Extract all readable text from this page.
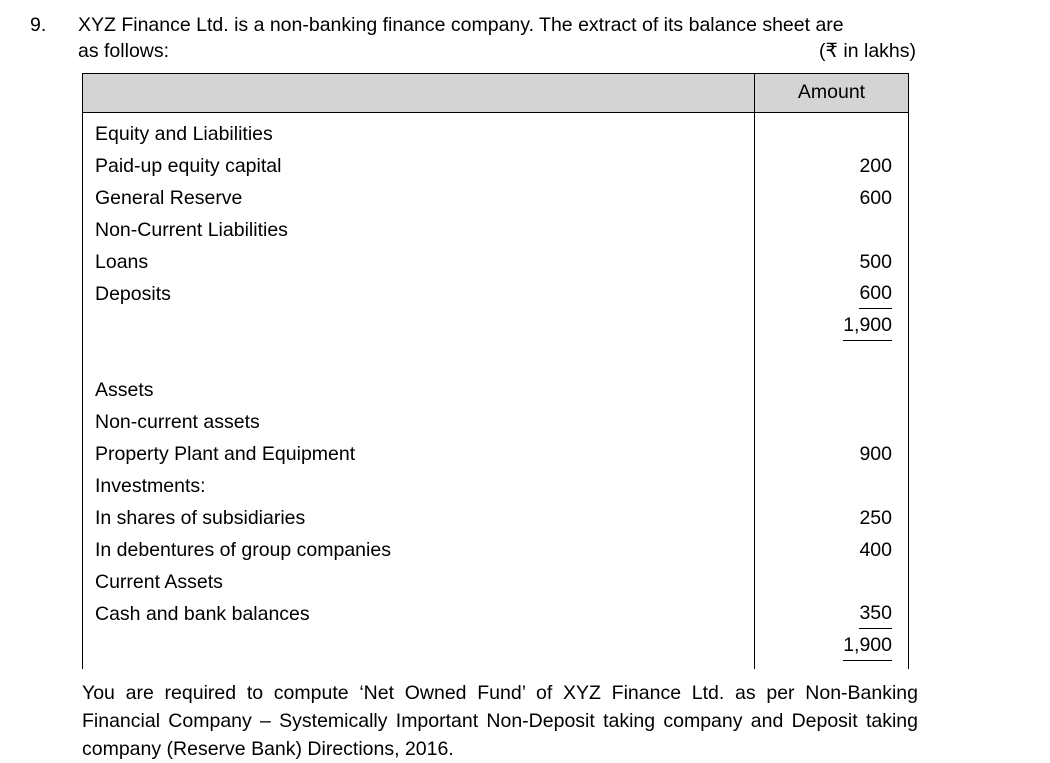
9.	XYZ Finance Ltd. is a non-banking finance company. The extract of its balance sheet are
as follows:	(₹ in lakhs)
	Amount
Equity and Liabilities	
Paid-up equity capital	200
General Reserve	600
Non-Current Liabilities	
Loans	500
Deposits	600
	1,900

Assets	
Non-current assets	
Property Plant and Equipment	900
Investments:	
In shares of subsidiaries	250
In debentures of group companies	400
Current Assets	
Cash and bank balances	350
	1,900
You are required to compute ‘Net Owned Fund’ of XYZ Finance Ltd. as per Non-Banking Financial Company – Systemically Important Non-Deposit taking company and Deposit taking company (Reserve Bank) Directions, 2016.
